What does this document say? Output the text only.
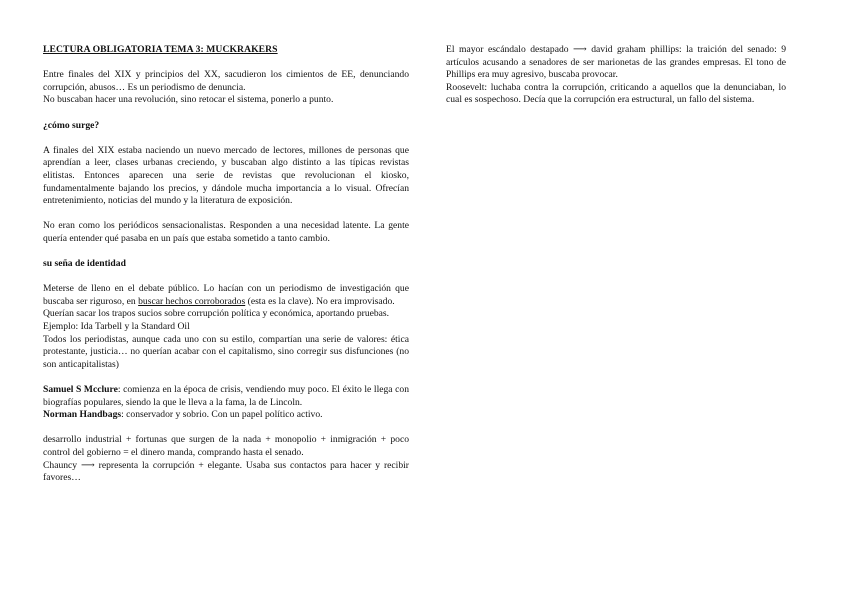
LECTURA OBLIGATORIA TEMA 3: MUCKRAKERS

Entre finales del XIX y principios del XX, sacudieron los cimientos de EE, denunciando corrupción, abusos… Es un periodismo de denuncia.

No buscaban hacer una revolución, sino retocar el sistema, ponerlo a punto.

¿cómo surge?

A finales del XIX estaba naciendo un nuevo mercado de lectores, millones de personas que aprendían a leer, clases urbanas creciendo, y buscaban algo distinto a las típicas revistas elitistas. Entonces aparecen una serie de revistas que revolucionan el kiosko, fundamentalmente bajando los precios, y dándole mucha importancia a lo visual. Ofrecían entretenimiento, noticias del mundo y la literatura de exposición.

No eran como los periódicos sensacionalistas. Responden a una necesidad latente. La gente quería entender qué pasaba en un país que estaba sometido a tanto cambio.

su seña de identidad

Meterse de lleno en el debate público. Lo hacían con un periodismo de investigación que buscaba ser riguroso, en buscar hechos corroborados (esta es la clave). No era improvisado.

Querían sacar los trapos sucios sobre corrupción política y económica, aportando pruebas.

Ejemplo: Ida Tarbell y la Standard Oil

Todos los periodistas, aunque cada uno con su estilo, compartían una serie de valores: ética protestante, justicia… no querían acabar con el capitalismo, sino corregir sus disfunciones (no son anticapitalistas)

Samuel S Mcclure: comienza en la época de crisis, vendiendo muy poco. El éxito le llega con biografías populares, siendo la que le lleva a la fama, la de Lincoln.

Norman Handbags: conservador y sobrio. Con un papel político activo.

desarrollo industrial + fortunas que surgen de la nada + monopolio + inmigración + poco control del gobierno = el dinero manda, comprando hasta el senado.

Chauncy ⟶ representa la corrupción + elegante. Usaba sus contactos para hacer y recibir favores…

El mayor escándalo destapado ⟶ david graham phillips: la traición del senado: 9 artículos acusando a senadores de ser marionetas de las grandes empresas. El tono de Phillips era muy agresivo, buscaba provocar.

Roosevelt: luchaba contra la corrupción, criticando a aquellos que la denunciaban, lo cual es sospechoso. Decía que la corrupción era estructural, un fallo del sistema.
